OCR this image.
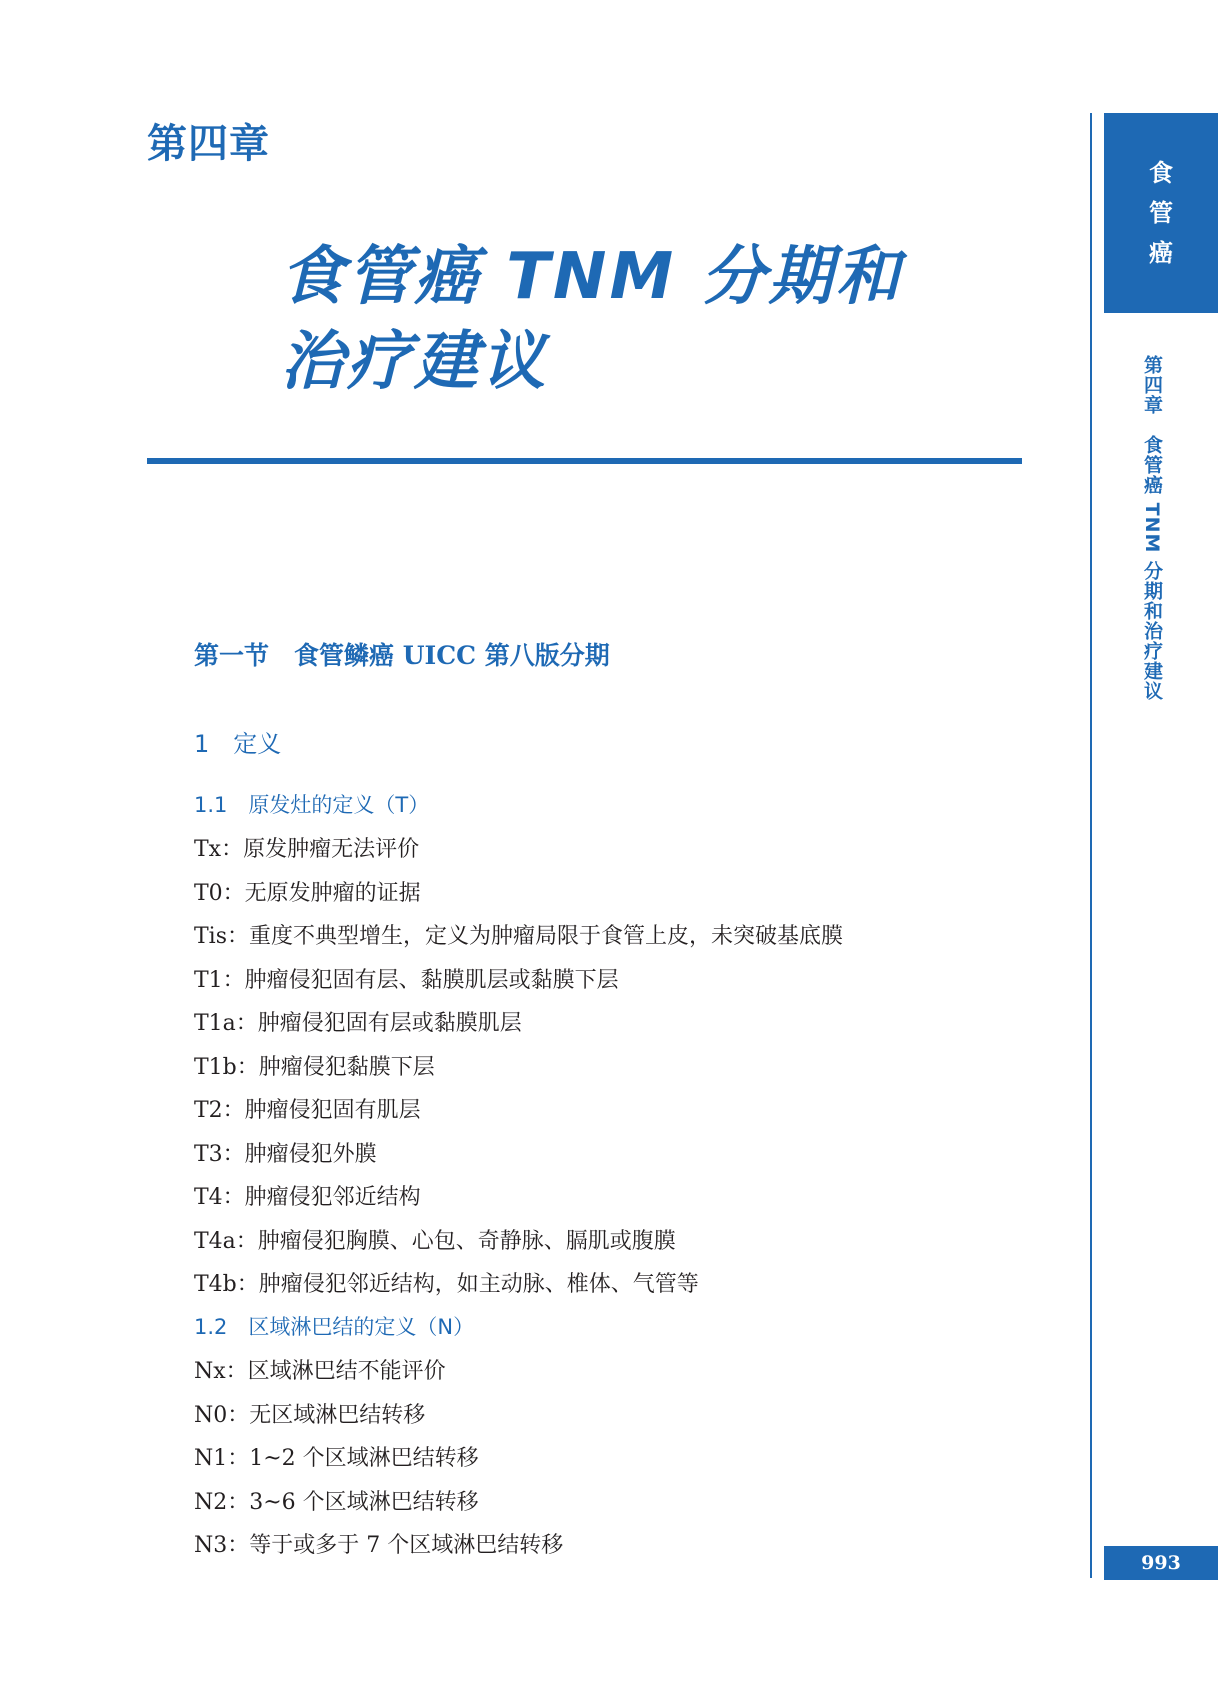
第四章
食管癌 TNM 分期和
治疗建议
第一节　食管鳞癌 UICC 第八版分期
1　定义
1.1　原发灶的定义（T）
Tx：原发肿瘤无法评价
T0：无原发肿瘤的证据
Tis：重度不典型增生，定义为肿瘤局限于食管上皮，未突破基底膜
T1：肿瘤侵犯固有层、黏膜肌层或黏膜下层
T1a：肿瘤侵犯固有层或黏膜肌层
T1b：肿瘤侵犯黏膜下层
T2：肿瘤侵犯固有肌层
T3：肿瘤侵犯外膜
T4：肿瘤侵犯邻近结构
T4a：肿瘤侵犯胸膜、心包、奇静脉、膈肌或腹膜
T4b：肿瘤侵犯邻近结构，如主动脉、椎体、气管等
1.2　区域淋巴结的定义（N）
Nx：区域淋巴结不能评价
N0：无区域淋巴结转移
N1：1~2 个区域淋巴结转移
N2：3~6 个区域淋巴结转移
N3：等于或多于 7 个区域淋巴结转移
食
管
癌
第四章　食管癌 TNM 分期和治疗建议
993
